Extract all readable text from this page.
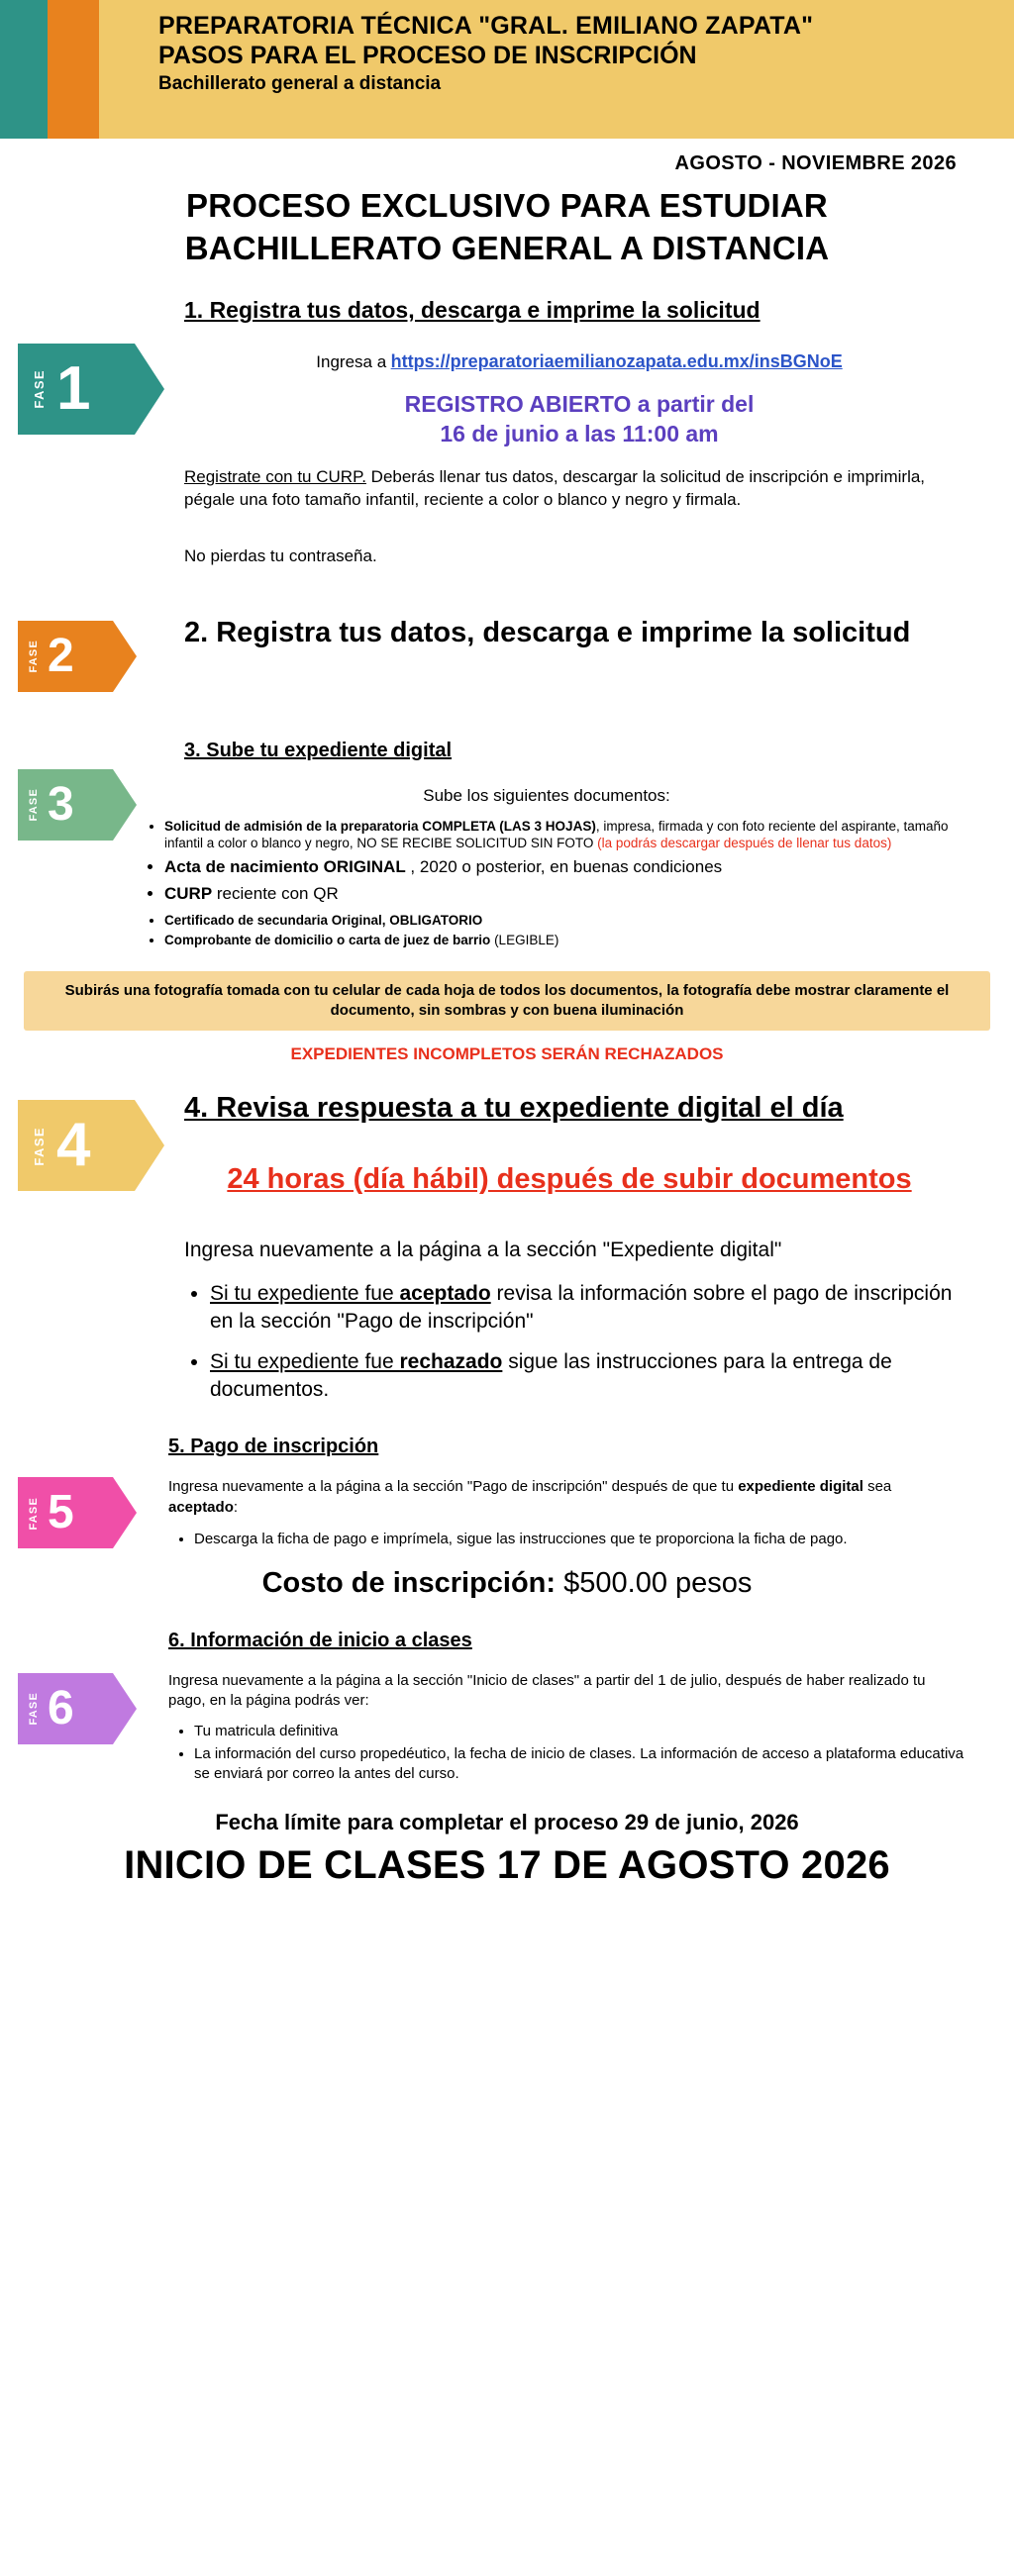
PREPARATORIA TÉCNICA "GRAL. EMILIANO ZAPATA"
PASOS PARA EL PROCESO DE INSCRIPCIÓN
Bachillerato general a distancia
AGOSTO - NOVIEMBRE 2026
PROCESO EXCLUSIVO PARA ESTUDIAR
BACHILLERATO GENERAL A DISTANCIA
FASE 1
1. Registra tus datos, descarga e imprime la solicitud
Ingresa a https://preparatoriaemilianozapata.edu.mx/insBGNoE
REGISTRO ABIERTO a partir del
16 de junio a las 11:00 am
Registrate con tu CURP. Deberás llenar tus datos, descargar la solicitud de inscripción e imprimirla, pégale una foto tamaño infantil, reciente a color o blanco y negro y firmala.
No pierdas tu contraseña.
FASE 2	2. Registra tus datos, descarga e imprime la solicitud
FASE 3
3. Sube tu expediente digital
Sube los siguientes documentos:
• Solicitud de admisión de la preparatoria COMPLETA (LAS 3 HOJAS), impresa, firmada y con foto reciente del aspirante, tamaño infantil a color o blanco y negro, NO SE RECIBE SOLICITUD SIN FOTO (la podrás descargar después de llenar tus datos)
• Acta de nacimiento ORIGINAL , 2020 o posterior, en buenas condiciones
• CURP reciente con QR
• Certificado de secundaria Original, OBLIGATORIO
• Comprobante de domicilio o carta de juez de barrio (LEGIBLE)
Subirás una fotografía tomada con tu celular de cada hoja de todos los documentos, la fotografía debe mostrar claramente el documento, sin sombras y con buena iluminación
EXPEDIENTES INCOMPLETOS SERÁN RECHAZADOS
FASE 4
4. Revisa respuesta a tu expediente digital el día
24 horas (día hábil) después de subir documentos
Ingresa nuevamente a la página a la sección "Expediente digital"
• Si tu expediente fue aceptado revisa la información sobre el pago de inscripción en la sección "Pago de inscripción"
• Si tu expediente fue rechazado sigue las instrucciones para la entrega de documentos.
FASE 5
5. Pago de inscripción
Ingresa nuevamente a la página a la sección "Pago de inscripción" después de que tu expediente digital sea aceptado:
• Descarga la ficha de pago e imprímela, sigue las instrucciones que te proporciona la ficha de pago.
Costo de inscripción: $500.00 pesos
FASE 6
6. Información de inicio a clases
Ingresa nuevamente a la página a la sección "Inicio de clases" a partir del 1 de julio, después de haber realizado tu pago, en la página podrás ver:
• Tu matricula definitiva
• La información del curso propedéutico, la fecha de inicio de clases. La información de acceso a plataforma educativa se enviará por correo la antes del curso.
Fecha límite para completar el proceso 29 de junio, 2026
INICIO DE CLASES 17 DE AGOSTO 2026
